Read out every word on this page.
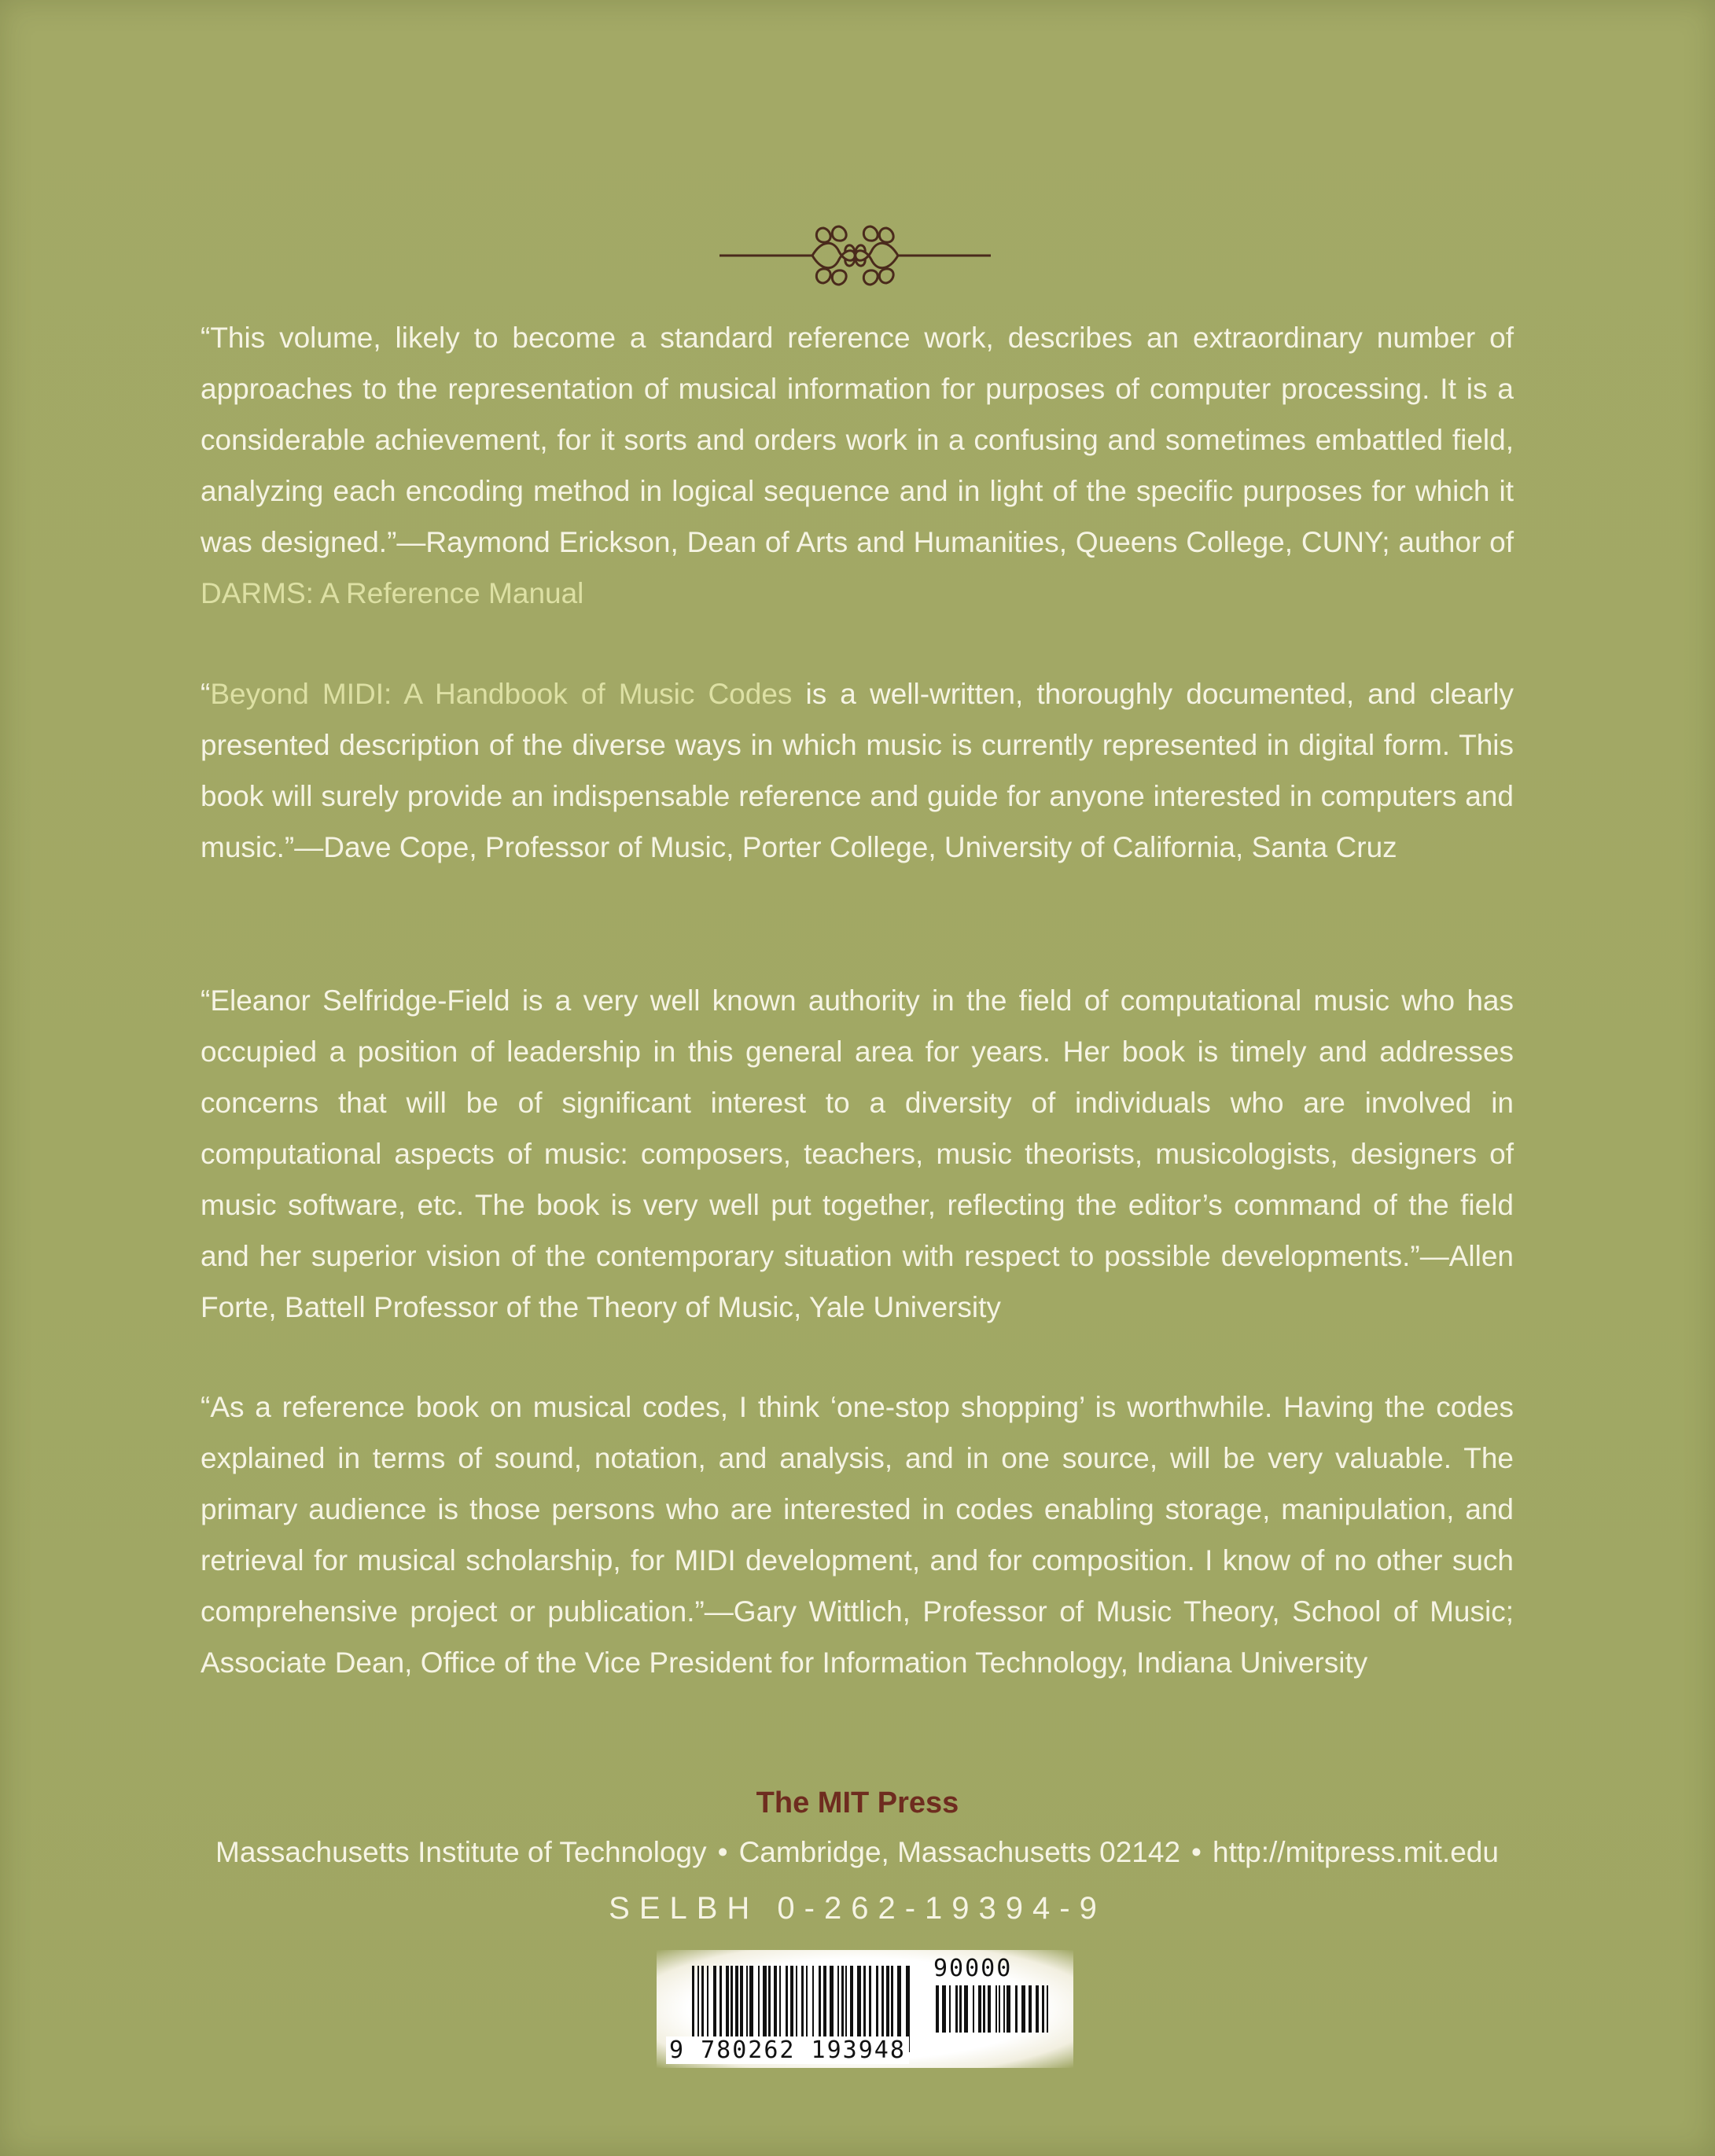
“This volume, likely to become a standard reference work, describes an extraordinary number of approaches to the representation of musical information for purposes of computer processing. It is a considerable achievement, for it sorts and orders work in a confusing and sometimes embattled field, analyzing each encoding method in logical sequence and in light of the specific purposes for which it was designed.”—Raymond Erickson, Dean of Arts and Humanities, Queens College, CUNY; author of DARMS: A Reference Manual

“Beyond MIDI: A Handbook of Music Codes is a well-written, thoroughly documented, and clearly presented description of the diverse ways in which music is currently represented in digital form. This book will surely provide an indispensable reference and guide for anyone interested in computers and music.”—Dave Cope, Professor of Music, Porter College, University of California, Santa Cruz

“Eleanor Selfridge-Field is a very well known authority in the field of computational music who has occupied a position of leadership in this general area for years. Her book is timely and addresses concerns that will be of significant interest to a diversity of individuals who are involved in computational aspects of music: composers, teachers, music theorists, musicologists, designers of music software, etc. The book is very well put together, reflecting the editor’s command of the field and her superior vision of the contemporary situation with respect to possible developments.”—Allen Forte, Battell Professor of the Theory of Music, Yale University

“As a reference book on musical codes, I think ‘one-stop shopping’ is worthwhile. Having the codes explained in terms of sound, notation, and analysis, and in one source, will be very valuable. The primary audience is those persons who are interested in codes enabling storage, manipulation, and retrieval for musical scholarship, for MIDI development, and for composition. I know of no other such comprehensive project or publication.”—Gary Wittlich, Professor of Music Theory, School of Music; Associate Dean, Office of the Vice President for Information Technology, Indiana University

The MIT Press
Massachusetts Institute of Technology • Cambridge, Massachusetts 02142 • http://mitpress.mit.edu
SELBH 0-262-19394-9
9 780262 193948
90000
